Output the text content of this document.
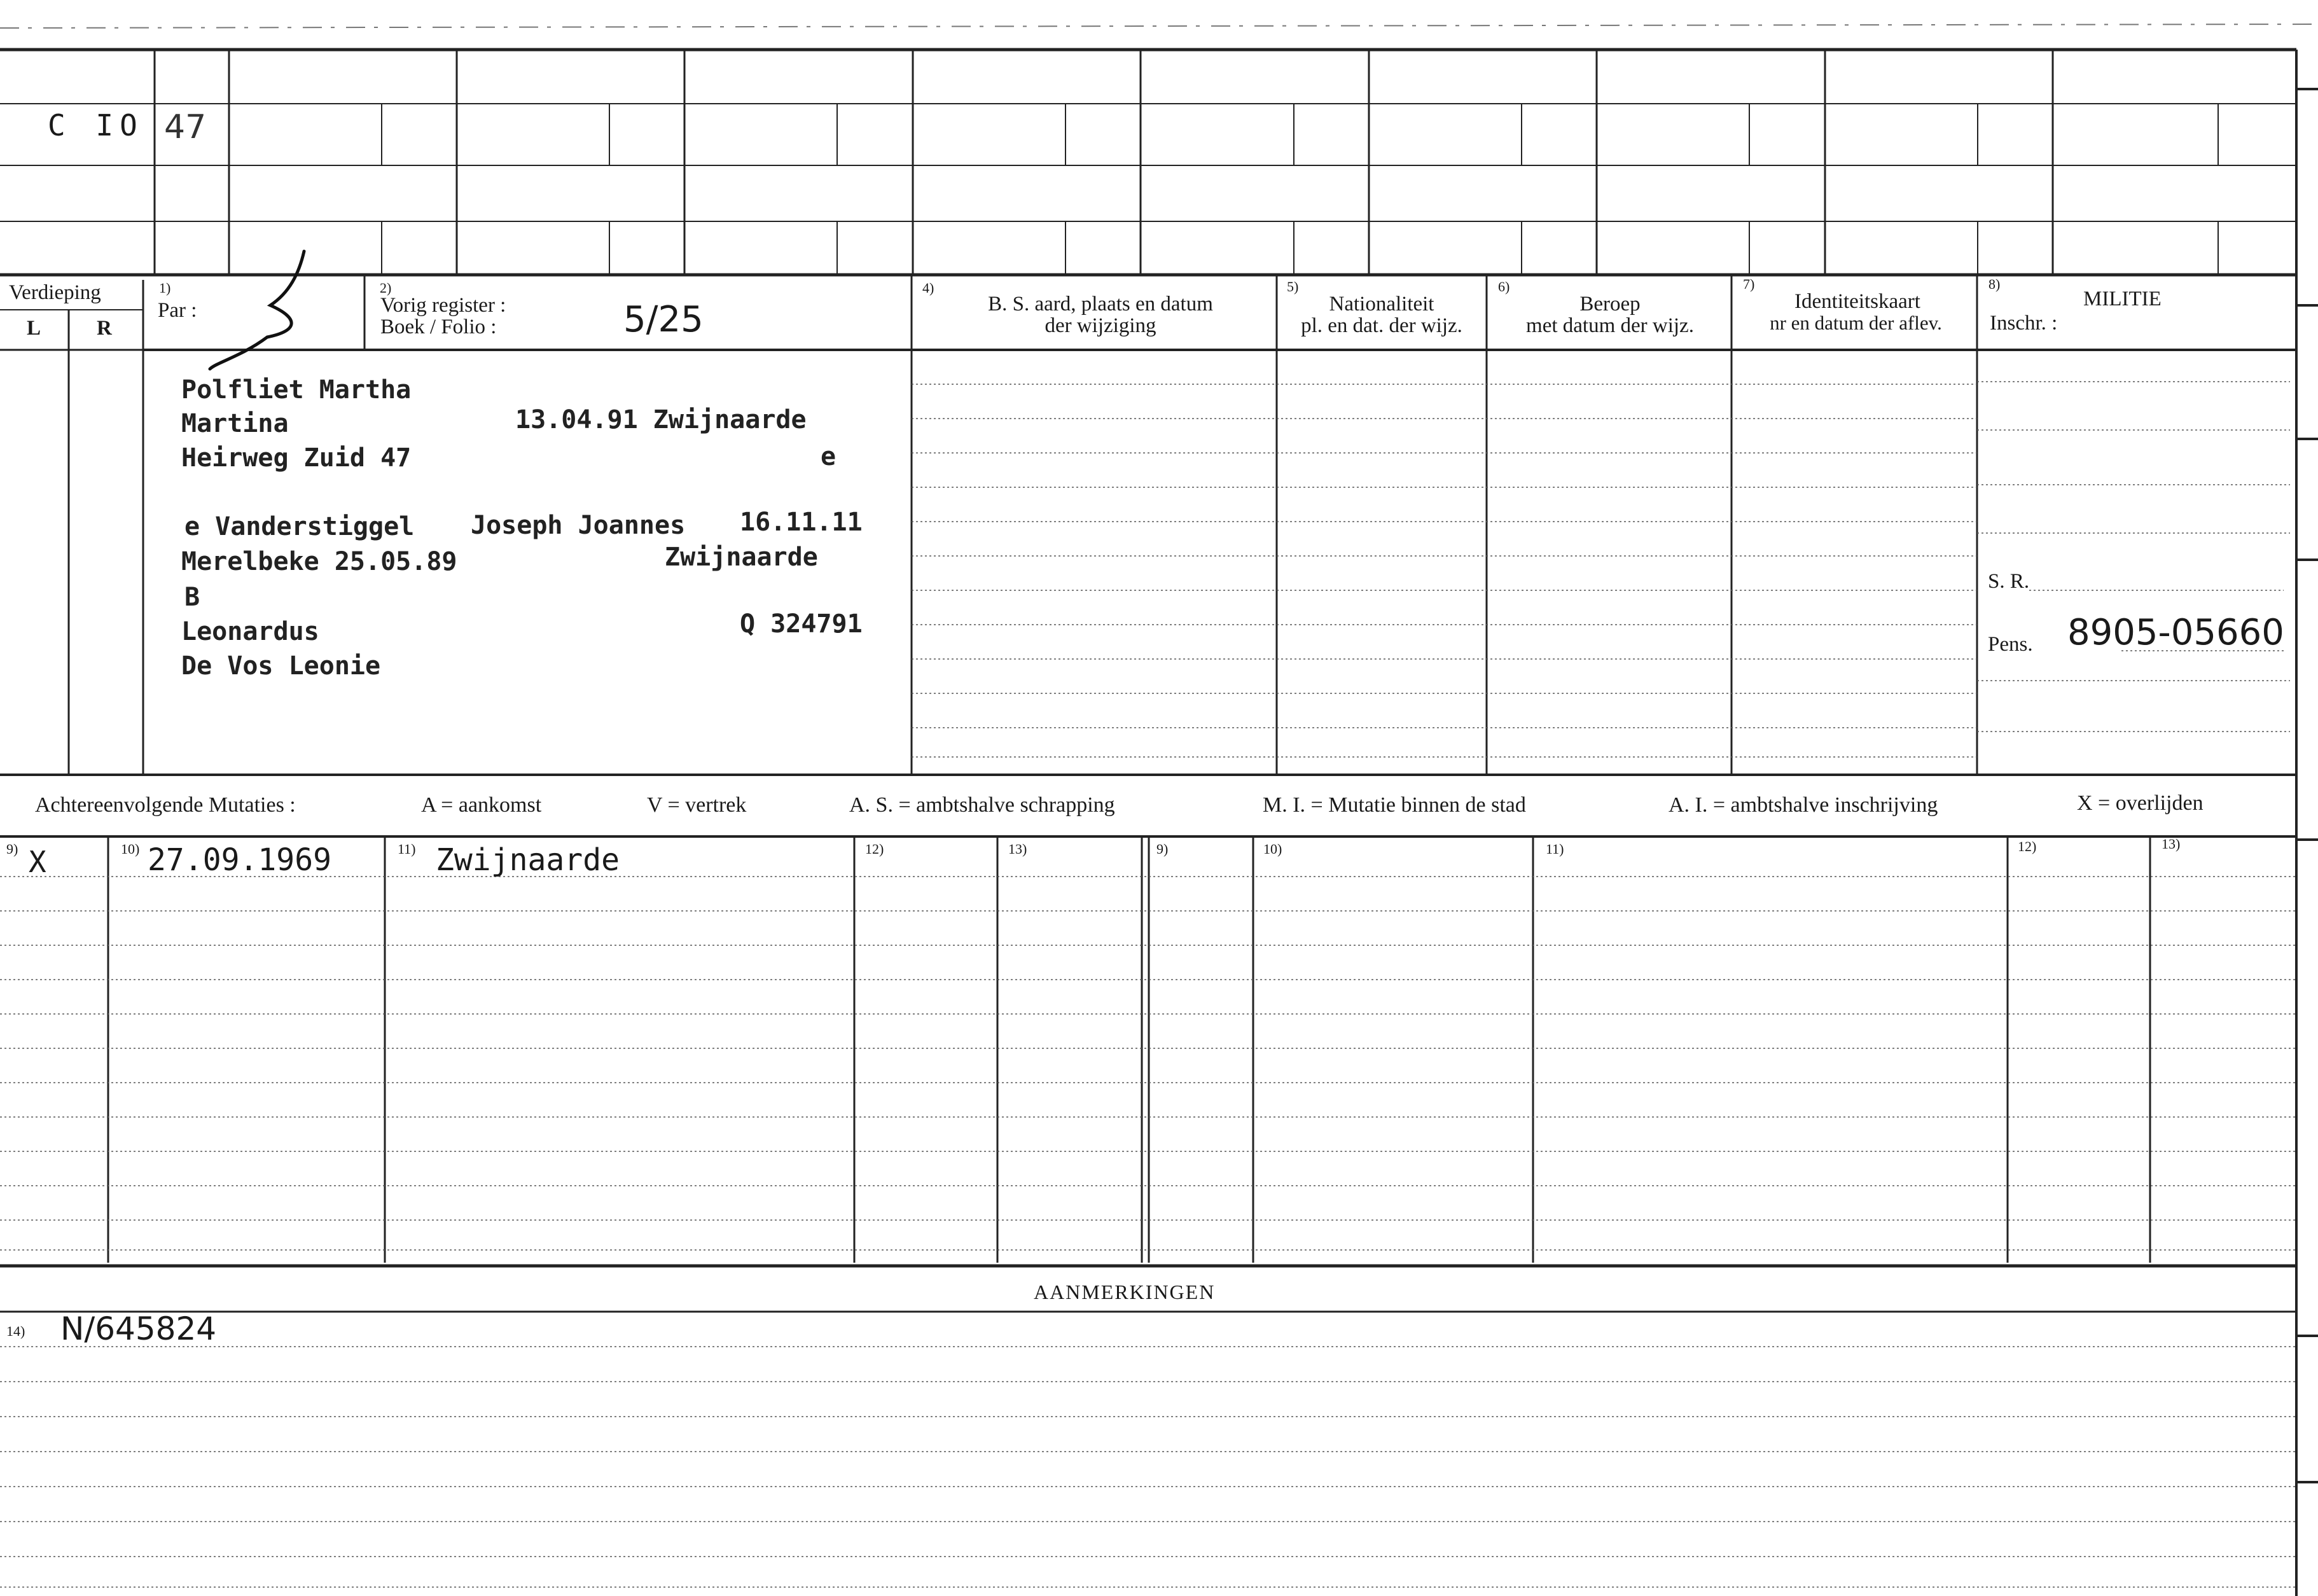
C IO 47
Verdieping
L	R
1)
Par :
2)
Vorig register :
Boek / Folio :	5/25
4)
B. S. aard, plaats en datum
der wijziging
5)
Nationaliteit
pl. en dat. der wijz.
6)
Beroep
met datum der wijz.
7)
Identiteitskaart
nr en datum der aflev.
8)
MILITIE
Inschr. :
S. R.
Pens. 8905-05660
Polfliet Martha
Martina	13.04.91 Zwijnaarde
Heirweg Zuid 47	e
e Vanderstiggel Joseph Joannes 16.11.11
Merelbeke 25.05.89	Zwijnaarde
B
Leonardus	Q 324791
De Vos Leonie
Achtereenvolgende Mutaties :	A = aankomst	V = vertrek	A. S. = ambtshalve schrapping	M. I. = Mutatie binnen de stad	A. I. = ambtshalve inschrijving	X = overlijden
9)	10)	11)	12)	13)	9)	10)	11)	12)	13)
X	27.09.1969	Zwijnaarde
AANMERKINGEN
14) N/645824
